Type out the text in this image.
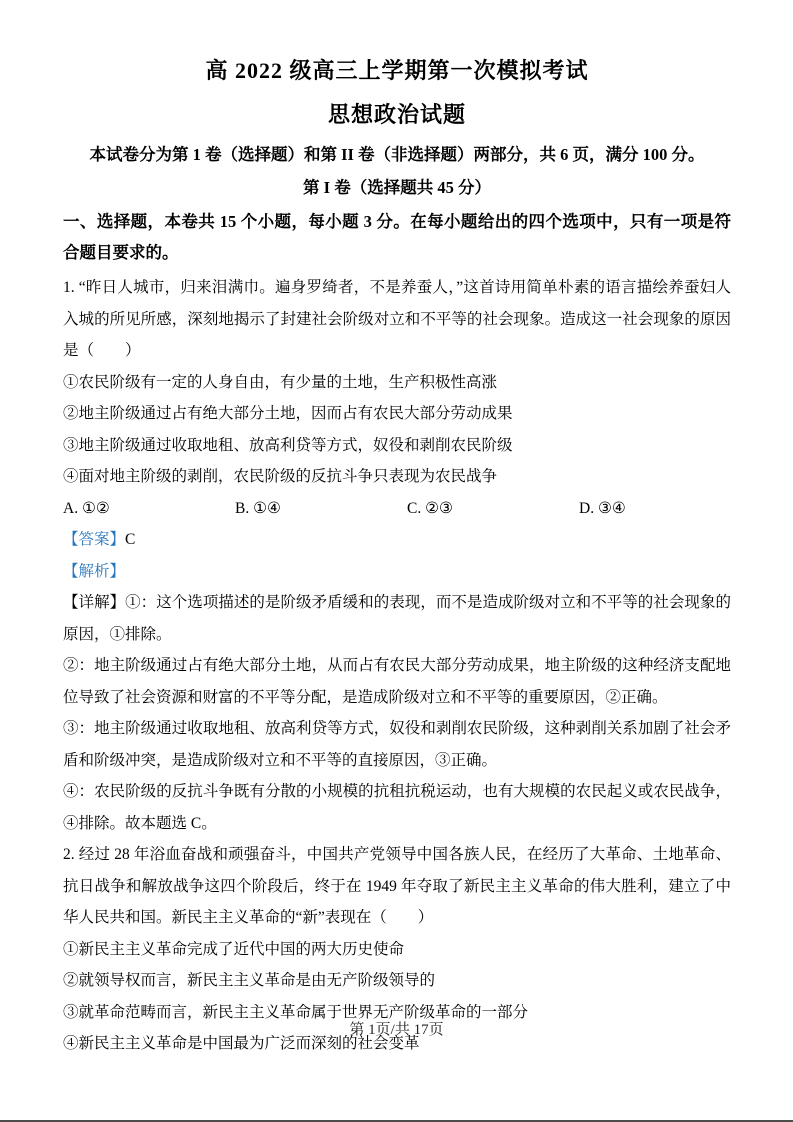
高 2022 级高三上学期第一次模拟考试
思想政治试题

本试卷分为第 1 卷（选择题）和第 II 卷（非选择题）两部分，共 6 页，满分 100 分。

第 I 卷（选择题共 45 分）

一、选择题，本卷共 15 个小题，每小题 3 分。在每小题给出的四个选项中，只有一项是符合题目要求的。

1. “昨日人城市，归来泪满巾。遍身罗绮者，不是养蚕人，”这首诗用简单朴素的语言描绘养蚕妇人入城的所见所感，深刻地揭示了封建社会阶级对立和不平等的社会现象。造成这一社会现象的原因是（　　）

①农民阶级有一定的人身自由，有少量的土地，生产积极性高涨

②地主阶级通过占有绝大部分土地，因而占有农民大部分劳动成果

③地主阶级通过收取地租、放高利贷等方式，奴役和剥削农民阶级

④面对地主阶级的剥削，农民阶级的反抗斗争只表现为农民战争

A. ①②	B. ①④	C. ②③	D. ③④

【答案】C

【解析】

【详解】①：这个选项描述的是阶级矛盾缓和的表现，而不是造成阶级对立和不平等的社会现象的原因，①排除。

②：地主阶级通过占有绝大部分土地，从而占有农民大部分劳动成果，地主阶级的这种经济支配地位导致了社会资源和财富的不平等分配，是造成阶级对立和不平等的重要原因，②正确。

③：地主阶级通过收取地租、放高利贷等方式，奴役和剥削农民阶级，这种剥削关系加剧了社会矛盾和阶级冲突，是造成阶级对立和不平等的直接原因，③正确。

④：农民阶级的反抗斗争既有分散的小规模的抗租抗税运动，也有大规模的农民起义或农民战争，④排除。故本题选 C。

2. 经过 28 年浴血奋战和顽强奋斗，中国共产党领导中国各族人民，在经历了大革命、土地革命、抗日战争和解放战争这四个阶段后，终于在 1949 年夺取了新民主主义革命的伟大胜利，建立了中华人民共和国。新民主主义革命的“新”表现在（　　）

①新民主主义革命完成了近代中国的两大历史使命

②就领导权而言，新民主主义革命是由无产阶级领导的

③就革命范畴而言，新民主主义革命属于世界无产阶级革命的一部分

④新民主主义革命是中国最为广泛而深刻的社会变革

第 1页/共 17页
